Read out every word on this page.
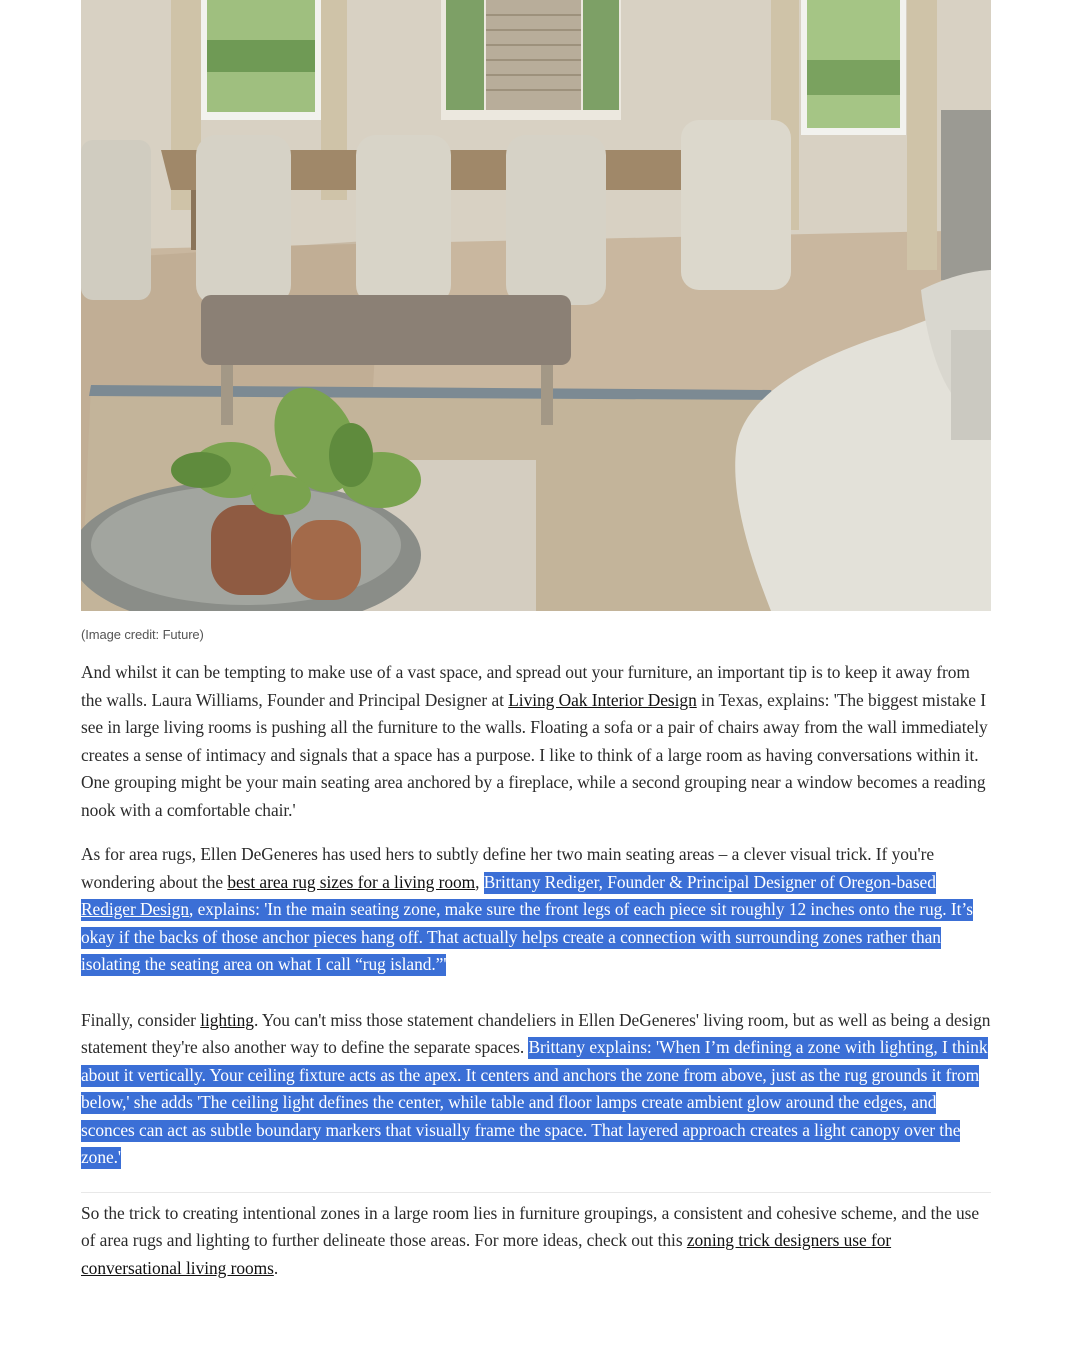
(Image credit: Future)

And whilst it can be tempting to make use of a vast space, and spread out your furniture, an important tip is to keep it away from the walls. Laura Williams, Founder and Principal Designer at Living Oak Interior Design in Texas, explains: 'The biggest mistake I see in large living rooms is pushing all the furniture to the walls. Floating a sofa or a pair of chairs away from the wall immediately creates a sense of intimacy and signals that a space has a purpose. I like to think of a large room as having conversations within it. One grouping might be your main seating area anchored by a fireplace, while a second grouping near a window becomes a reading nook with a comfortable chair.'

As for area rugs, Ellen DeGeneres has used hers to subtly define her two main seating areas – a clever visual trick. If you're wondering about the best area rug sizes for a living room, Brittany Rediger, Founder & Principal Designer of Oregon-based Rediger Design, explains: 'In the main seating zone, make sure the front legs of each piece sit roughly 12 inches onto the rug. It’s okay if the backs of those anchor pieces hang off. That actually helps create a connection with surrounding zones rather than isolating the seating area on what I call “rug island.”'

Finally, consider lighting. You can't miss those statement chandeliers in Ellen DeGeneres' living room, but as well as being a design statement they're also another way to define the separate spaces. Brittany explains: 'When I’m defining a zone with lighting, I think about it vertically. Your ceiling fixture acts as the apex. It centers and anchors the zone from above, just as the rug grounds it from below,' she adds 'The ceiling light defines the center, while table and floor lamps create ambient glow around the edges, and sconces can act as subtle boundary markers that visually frame the space. That layered approach creates a light canopy over the zone.'

So the trick to creating intentional zones in a large room lies in furniture groupings, a consistent and cohesive scheme, and the use of area rugs and lighting to further delineate those areas. For more ideas, check out this zoning trick designers use for conversational living rooms.
